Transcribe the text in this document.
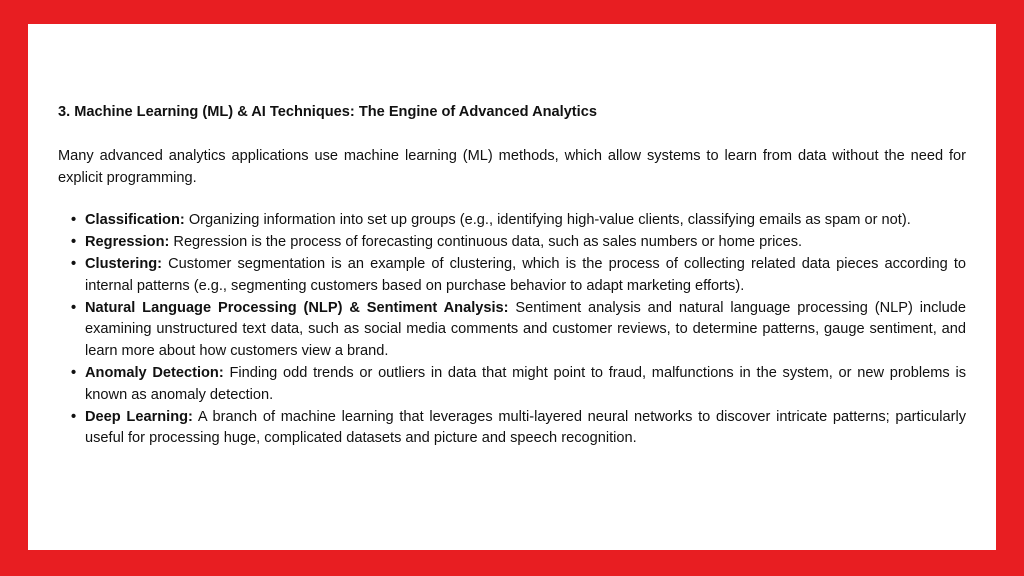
3. Machine Learning (ML) & AI Techniques: The Engine of Advanced Analytics
Many advanced analytics applications use machine learning (ML) methods, which allow systems to learn from data without the need for explicit programming.
• Classification: Organizing information into set up groups (e.g., identifying high-value clients, classifying emails as spam or not).
• Regression: Regression is the process of forecasting continuous data, such as sales numbers or home prices.
• Clustering: Customer segmentation is an example of clustering, which is the process of collecting related data pieces according to internal patterns (e.g., segmenting customers based on purchase behavior to adapt marketing efforts).
• Natural Language Processing (NLP) & Sentiment Analysis: Sentiment analysis and natural language processing (NLP) include examining unstructured text data, such as social media comments and customer reviews, to determine patterns, gauge sentiment, and learn more about how customers view a brand.
• Anomaly Detection: Finding odd trends or outliers in data that might point to fraud, malfunctions in the system, or new problems is known as anomaly detection.
• Deep Learning: A branch of machine learning that leverages multi-layered neural networks to discover intricate patterns; particularly useful for processing huge, complicated datasets and picture and speech recognition.
